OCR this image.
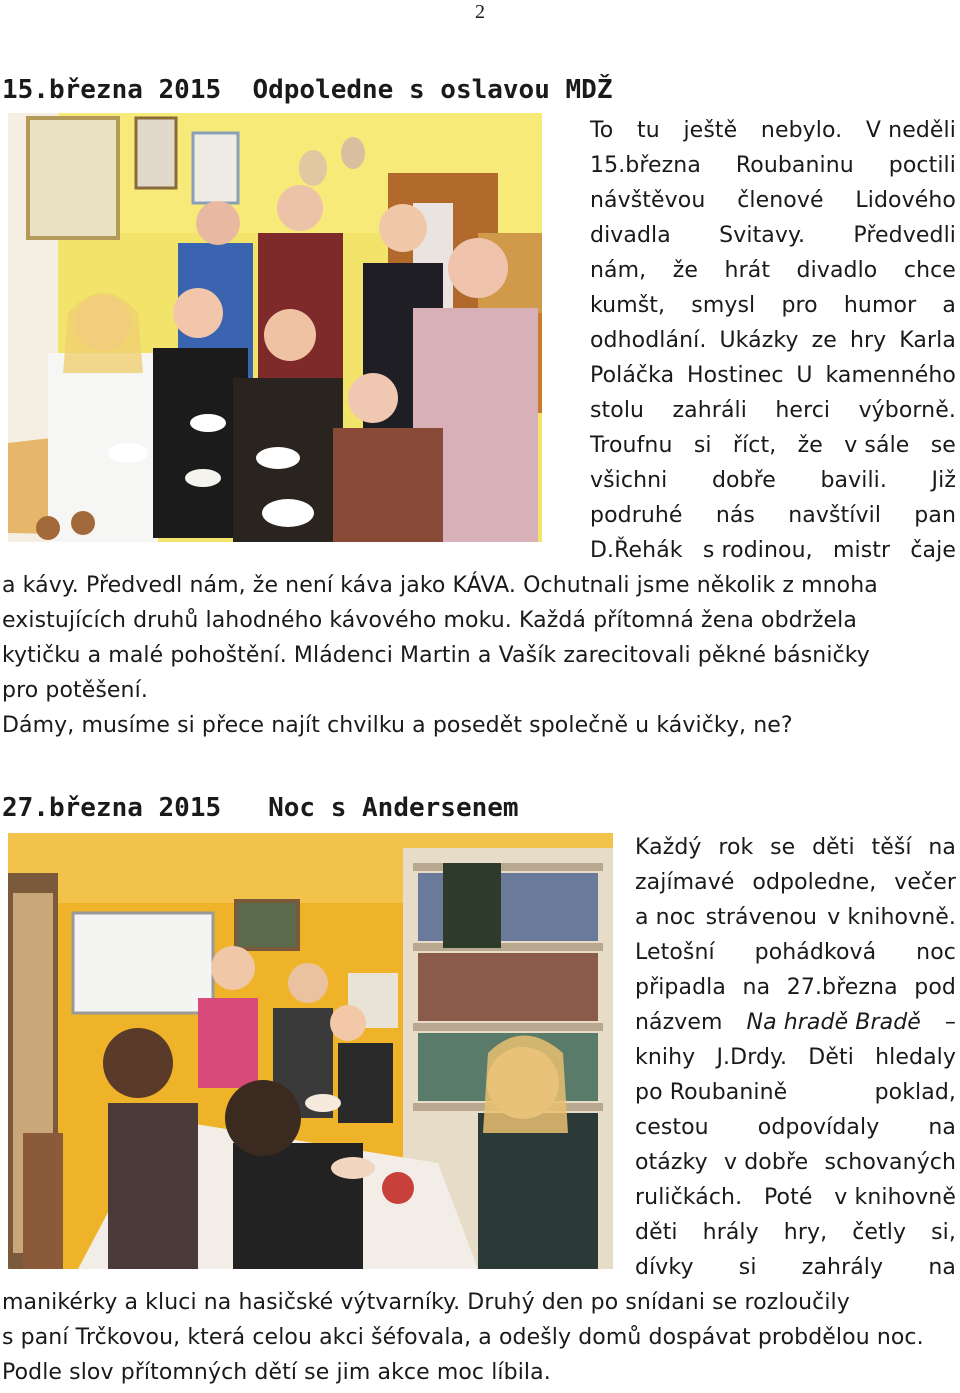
2
15.března 2015  Odpoledne s oslavou MDŽ
To tu ještě nebylo. V neděli
15.března Roubaninu poctili
návštěvou členové Lidového
divadla Svitavy. Předvedli
nám, že hrát divadlo chce
kumšt, smysl pro humor a
odhodlání. Ukázky ze hry Karla
Poláčka Hostinec U kamenného
stolu zahráli herci výborně.
Troufnu si říct, že v sále se
všichni dobře bavili. Již
podruhé nás navštívil pan
D.Řehák s rodinou, mistr čaje
a kávy. Předvedl nám, že není káva jako KÁVA. Ochutnali jsme několik z mnoha
existujících druhů lahodného kávového moku. Každá přítomná žena obdržela
kytičku a malé pohoštění. Mládenci Martin a Vašík zarecitovali pěkné básničky
pro potěšení.
Dámy, musíme si přece najít chvilku a posedět společně u kávičky, ne?
27.března 2015   Noc s Andersenem
Každý rok se děti těší na
zajímavé odpoledne, večer
a noc strávenou v knihovně.
Letošní pohádková noc
připadla na 27.března pod
názvem Na hradě Bradě –
knihy J.Drdy. Děti hledaly
po Roubanině	poklad,
cestou odpovídaly na
otázky v dobře schovaných
ruličkách. Poté v knihovně
děti hrály hry, četly si,
dívky si zahrály na
manikérky a kluci na hasičské výtvarníky. Druhý den po snídani se rozloučily
s paní Trčkovou, která celou akci šéfovala, a odešly domů dospávat probdělou noc.
Podle slov přítomných dětí se jim akce moc líbila.
